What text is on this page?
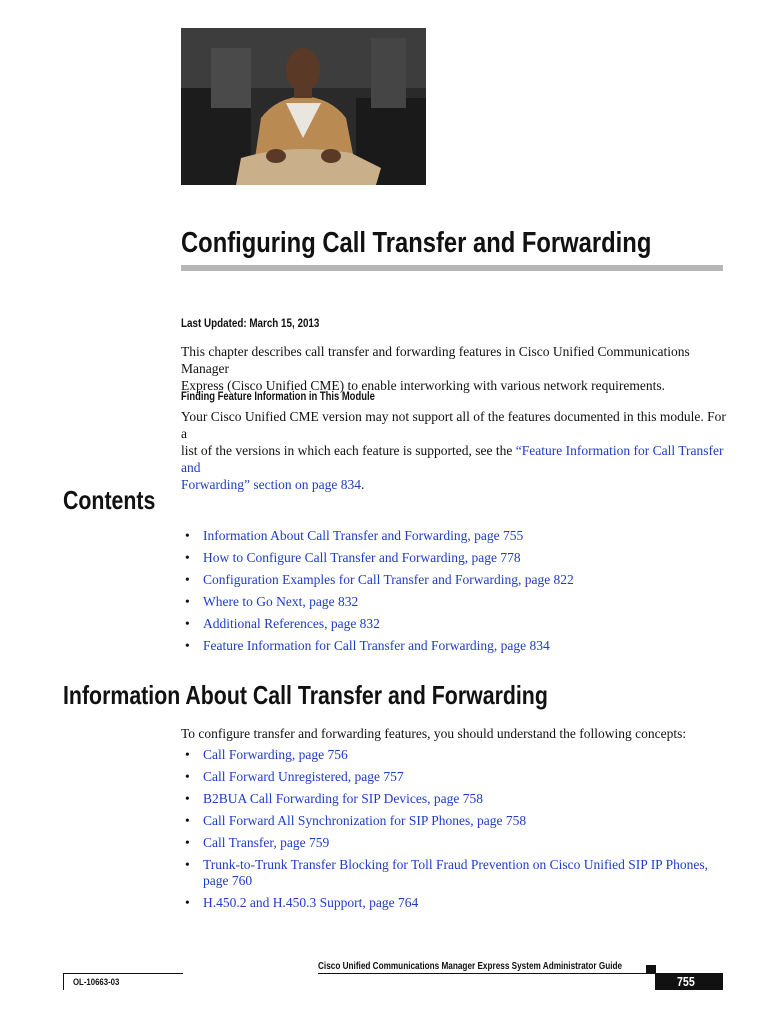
Configuring Call Transfer and Forwarding
Last Updated: March 15, 2013
This chapter describes call transfer and forwarding features in Cisco Unified Communications Manager
Express (Cisco Unified CME) to enable interworking with various network requirements.
Finding Feature Information in This Module
Your Cisco Unified CME version may not support all of the features documented in this module. For a
list of the versions in which each feature is supported, see the “Feature Information for Call Transfer and
Forwarding” section on page 834.
Contents
• Information About Call Transfer and Forwarding, page 755
• How to Configure Call Transfer and Forwarding, page 778
• Configuration Examples for Call Transfer and Forwarding, page 822
• Where to Go Next, page 832
• Additional References, page 832
• Feature Information for Call Transfer and Forwarding, page 834
Information About Call Transfer and Forwarding
To configure transfer and forwarding features, you should understand the following concepts:
• Call Forwarding, page 756
• Call Forward Unregistered, page 757
• B2BUA Call Forwarding for SIP Devices, page 758
• Call Forward All Synchronization for SIP Phones, page 758
• Call Transfer, page 759
• Trunk-to-Trunk Transfer Blocking for Toll Fraud Prevention on Cisco Unified SIP IP Phones, page 760
• H.450.2 and H.450.3 Support, page 764
Cisco Unified Communications Manager Express System Administrator Guide
755
OL-10663-03
